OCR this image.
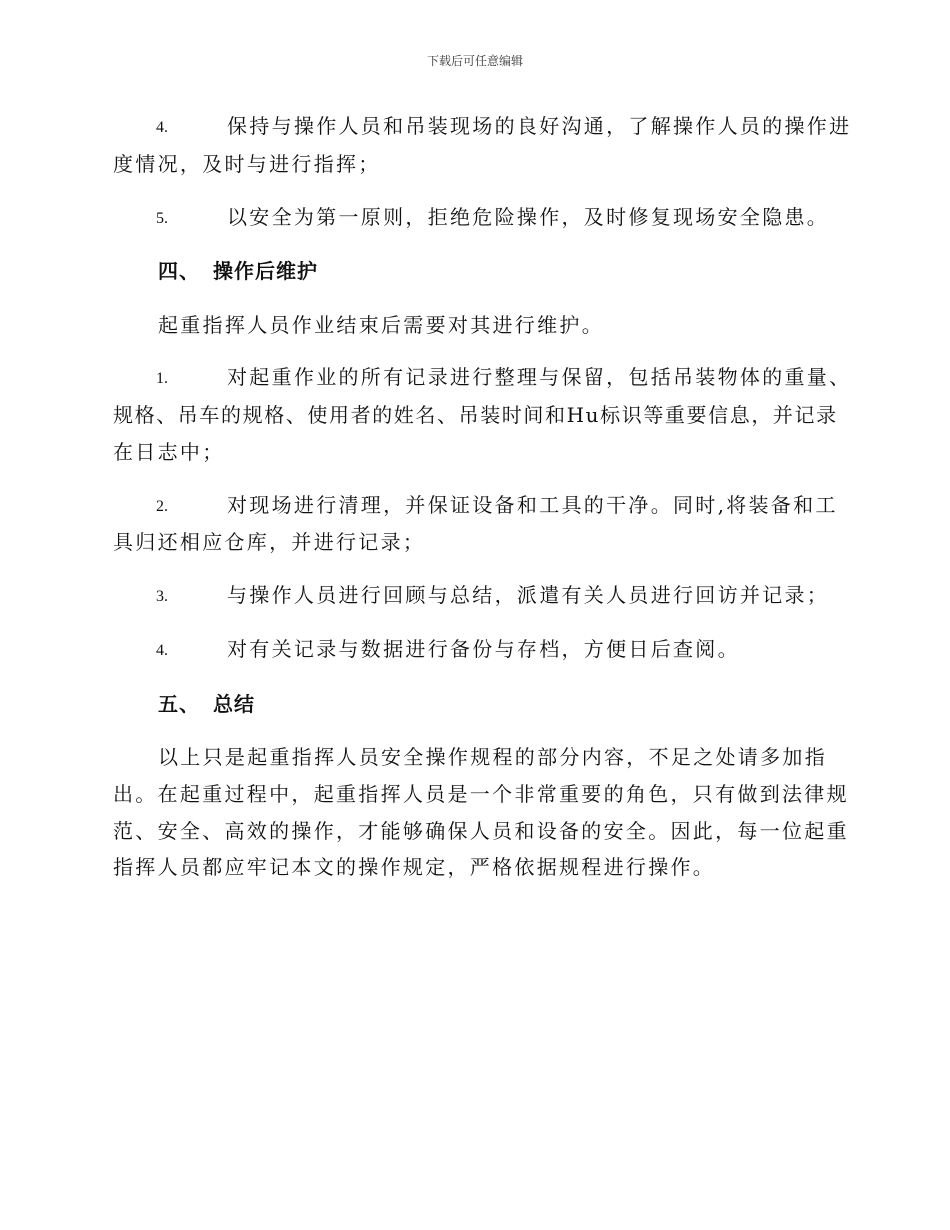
下载后可任意编辑
4.	保持与操作人员和吊装现场的良好沟通，了解操作人员的操作进
度情况，及时与进行指挥；
5.	以安全为第一原则，拒绝危险操作，及时修复现场安全隐患。
四、 操作后维护
起重指挥人员作业结束后需要对其进行维护。
1.	对起重作业的所有记录进行整理与保留，包括吊装物体的重量、
规格、吊车的规格、使用者的姓名、吊装时间和Hu标识等重要信息，并记录
在日志中；
2.	对现场进行清理，并保证设备和工具的干净。同时,将装备和工
具归还相应仓库，并进行记录；
3.	与操作人员进行回顾与总结，派遣有关人员进行回访并记录；
4.	对有关记录与数据进行备份与存档，方便日后查阅。
五、 总结
以上只是起重指挥人员安全操作规程的部分内容，不足之处请多加指
出。在起重过程中，起重指挥人员是一个非常重要的角色，只有做到法律规
范、安全、高效的操作，才能够确保人员和设备的安全。因此，每一位起重
指挥人员都应牢记本文的操作规定，严格依据规程进行操作。
